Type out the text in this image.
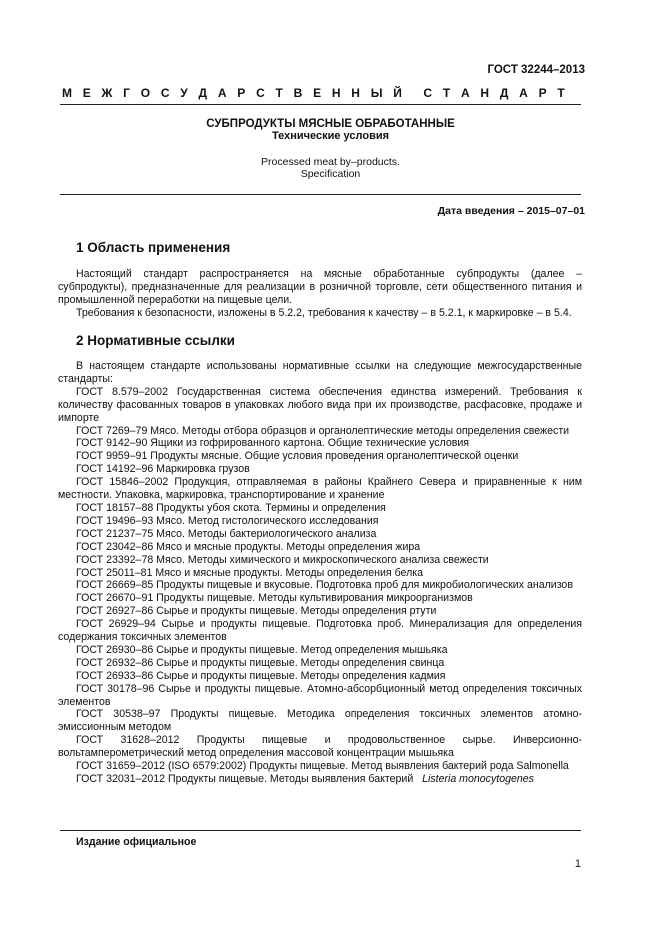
ГОСТ 32244–2013
М Е Ж Г О С У Д А Р С Т В Е Н Н Ы Й С Т А Н Д А Р Т
СУБПРОДУКТЫ МЯСНЫЕ ОБРАБОТАННЫЕ
Технические условия
Processed meat by–products.
Specification
Дата введения – 2015–07–01
1 Область применения

Настоящий стандарт распространяется на мясные обработанные субпродукты (далее – субпродукты), предназначенные для реализации в розничной торговле, сети общественного питания и промышленной переработки на пищевые цели.

Требования к безопасности, изложены в 5.2.2, требования к качеству – в 5.2.1, к маркировке – в 5.4.

2 Нормативные ссылки

В настоящем стандарте использованы нормативные ссылки на следующие межгосударственные стандарты:

ГОСТ 8.579–2002 Государственная система обеспечения единства измерений. Требования к количеству фасованных товаров в упаковках любого вида при их производстве, расфасовке, продаже и импорте

ГОСТ 7269–79 Мясо. Методы отбора образцов и органолептические методы определения свежести

ГОСТ 9142–90 Ящики из гофрированного картона. Общие технические условия

ГОСТ 9959–91 Продукты мясные. Общие условия проведения органолептической оценки

ГОСТ 14192–96 Маркировка грузов

ГОСТ 15846–2002 Продукция, отправляемая в районы Крайнего Севера и приравненные к ним местности. Упаковка, маркировка, транспортирование и хранение

ГОСТ 18157–88 Продукты убоя скота. Термины и определения

ГОСТ 19496–93 Мясо. Метод гистологического исследования

ГОСТ 21237–75 Мясо. Методы бактериологического анализа

ГОСТ 23042–86 Мясо и мясные продукты. Методы определения жира

ГОСТ 23392–78 Мясо. Методы химического и микроскопического анализа свежести

ГОСТ 25011–81 Мясо и мясные продукты. Методы определения белка

ГОСТ 26669–85 Продукты пищевые и вкусовые. Подготовка проб для микробиологических анализов

ГОСТ 26670–91 Продукты пищевые. Методы культивирования микроорганизмов

ГОСТ 26927–86 Сырье и продукты пищевые. Методы определения ртути

ГОСТ 26929–94 Сырье и продукты пищевые. Подготовка проб. Минерализация для определения содержания токсичных элементов

ГОСТ 26930–86 Сырье и продукты пищевые. Метод определения мышьяка

ГОСТ 26932–86 Сырье и продукты пищевые. Методы определения свинца

ГОСТ 26933–86 Сырье и продукты пищевые. Методы определения кадмия

ГОСТ 30178–96 Сырье и продукты пищевые. Атомно-абсорбционный метод определения токсичных элементов

ГОСТ 30538–97 Продукты пищевые. Методика определения токсичных элементов атомно-эмиссионным методом

ГОСТ 31628–2012 Продукты пищевые и продовольственное сырье. Инверсионно-вольтамперометрический метод определения массовой концентрации мышьяка

ГОСТ 31659–2012 (ISO 6579:2002) Продукты пищевые. Метод выявления бактерий рода Salmonella

ГОСТ 32031–2012 Продукты пищевые. Методы выявления бактерий Listeria monocytogenes

Издание официальное
1
